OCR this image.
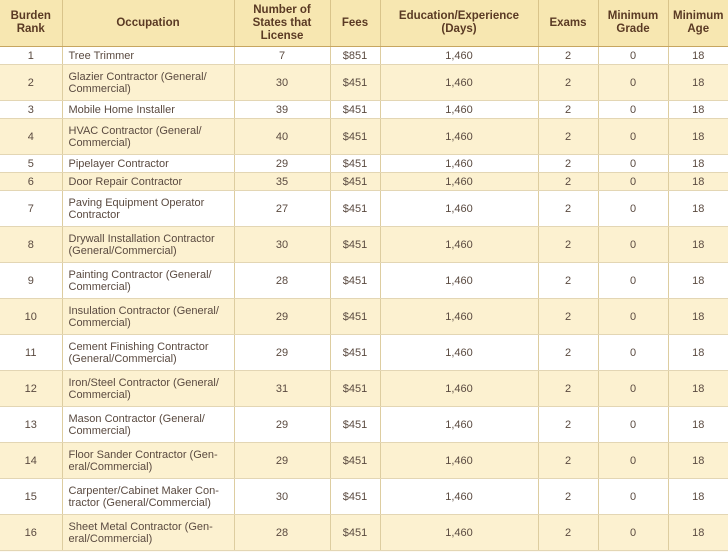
Burden Rank	Occupation	Number of States that License	Fees	Education/Experience (Days)	Exams	Minimum Grade	Minimum Age
1	Tree Trimmer	7	$851	1,460	2	0	18
2	Glazier Contractor (General/ Commercial)	30	$451	1,460	2	0	18
3	Mobile Home Installer	39	$451	1,460	2	0	18
4	HVAC Contractor (General/ Commercial)	40	$451	1,460	2	0	18
5	Pipelayer Contractor	29	$451	1,460	2	0	18
6	Door Repair Contractor	35	$451	1,460	2	0	18
7	Paving Equipment Operator Contractor	27	$451	1,460	2	0	18
8	Drywall Installation Contractor (General/Commercial)	30	$451	1,460	2	0	18
9	Painting Contractor (General/ Commercial)	28	$451	1,460	2	0	18
10	Insulation Contractor (General/ Commercial)	29	$451	1,460	2	0	18
11	Cement Finishing Contractor (General/Commercial)	29	$451	1,460	2	0	18
12	Iron/Steel Contractor (General/ Commercial)	31	$451	1,460	2	0	18
13	Mason Contractor (General/ Commercial)	29	$451	1,460	2	0	18
14	Floor Sander Contractor (Gen- eral/Commercial)	29	$451	1,460	2	0	18
15	Carpenter/Cabinet Maker Con- tractor (General/Commercial)	30	$451	1,460	2	0	18
16	Sheet Metal Contractor (Gen- eral/Commercial)	28	$451	1,460	2	0	18
